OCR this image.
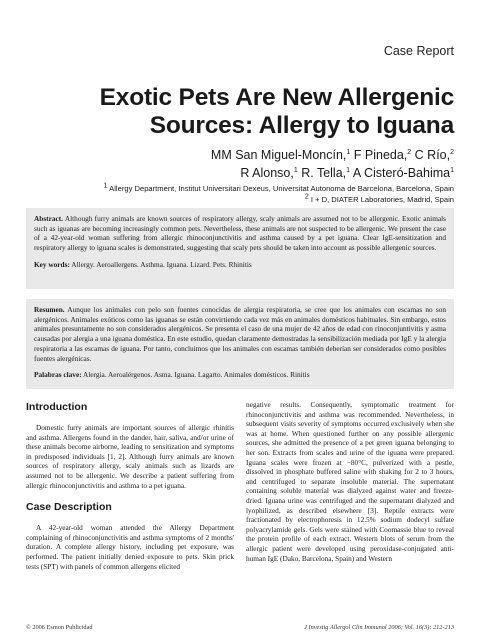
Case Report
Exotic Pets Are New Allergenic
Sources: Allergy to Iguana
MM San Miguel-Moncín,$^1$ F Pineda,$^2$ C Río,$^2$
R Alonso,$^1$ R. Tella,$^1$ A Cisteró-Bahima$^1$
$^1$ Allergy Department, Institut Universitari Dexeus, Universitat Autonoma de Barcelona, Barcelona, Spain
$^2$ I + D, DIATER Laboratories, Madrid, Spain

Abstract. Although furry animals are known sources of respiratory allergy, scaly animals are assumed not to be allergenic. Exotic animals such as iguanas are becoming increasingly common pets. Nevertheless, these animals are not suspected to be allergenic. We present the case of a 42-year-old woman suffering from allergic rhinoconjunctivitis and asthma caused by a pet iguana. Clear IgE-sensitization and respiratory allergy to iguana scales is demonstrated, suggesting that scaly pets should be taken into account as possible allergenic sources.

Key words: Allergy. Aeroallergens. Asthma. Iguana. Lizard. Pets. Rhinitis

Resumen. Aunque los animales con pelo son fuentes conocidas de alergia respiratoria, se cree que los animales con escamas no son alergénicos. Animales exóticos como las iguanas se están convirtiendo cada vez más en animales domésticos habituales. Sin embargo, estos animales presuntamente no son considerados alergénicos. Se presenta el caso de una mujer de 42 años de edad con rinoconjuntivitis y asma causadas por alergia a una iguana doméstica. En este estudio, quedan claramente demostradas la sensibilización mediada por IgE y la alergia respiratoria a las escamas de iguana. Por tanto, concluimos que los animales con escamas también deberían ser considerados como posibles fuentes alergénicas.

Palabras clave: Alergia. Aeroalérgenos. Asma. Iguana. Lagarto. Animales domésticos. Rinitis

Introduction

Domestic furry animals are important sources of allergic rhinitis and asthma. Allergens found in the dander, hair, saliva, and/or urine of these animals become airborne, leading to sensitization and symptoms in predisposed individuals [1, 2]. Although furry animals are known sources of respiratory allergy, scaly animals such as lizards are assumed not to be allergenic. We describe a patient suffering from allergic rhinoconjunctivitis and asthma to a pet iguana.

Case Description

A 42-year-old woman attended the Allergy Department complaining of rhinoconjunctivitis and asthma symptoms of 2 months' duration. A complete allergy history, including pet exposure, was performed. The patient initially denied exposure to pets. Skin prick tests (SPT) with panels of common allergens elicited

negative results. Consequently, symptomatic treatment for rhinoconjunctivitis and asthma was recommended. Nevertheless, in subsequent visits severity of symptoms occurred exclusively when she was at home. When questioned further on any possible allergenic sources, she admitted the presence of a pet green iguana belonging to her son. Extracts from scales and urine of the iguana were prepared. Iguana scales were frozen at −80°C, pulverized with a pestle, dissolved in phosphate buffered saline with shaking for 2 to 3 hours, and centrifuged to separate insoluble material. The supernatant containing soluble material was dialyzed against water and freeze-dried. Iguana urine was centrifuged and the supernatant dialyzed and lyophilized, as described elsewhere [3]. Reptile extracts were fractionated by electrophoresis in 12.5% sodium dodecyl sulfate polyacrylamide gels. Gels were stained with Coomassie blue to reveal the protein profile of each extract. Western blots of serum from the allergic patient were developed using peroxidase-conjugated anti-human IgE (Dako, Barcelona, Spain) and Western

© 2006 Esmon Publicidad	J Investig Allergol Clin Immunol 2006; Vol. 16(3): 212-213
